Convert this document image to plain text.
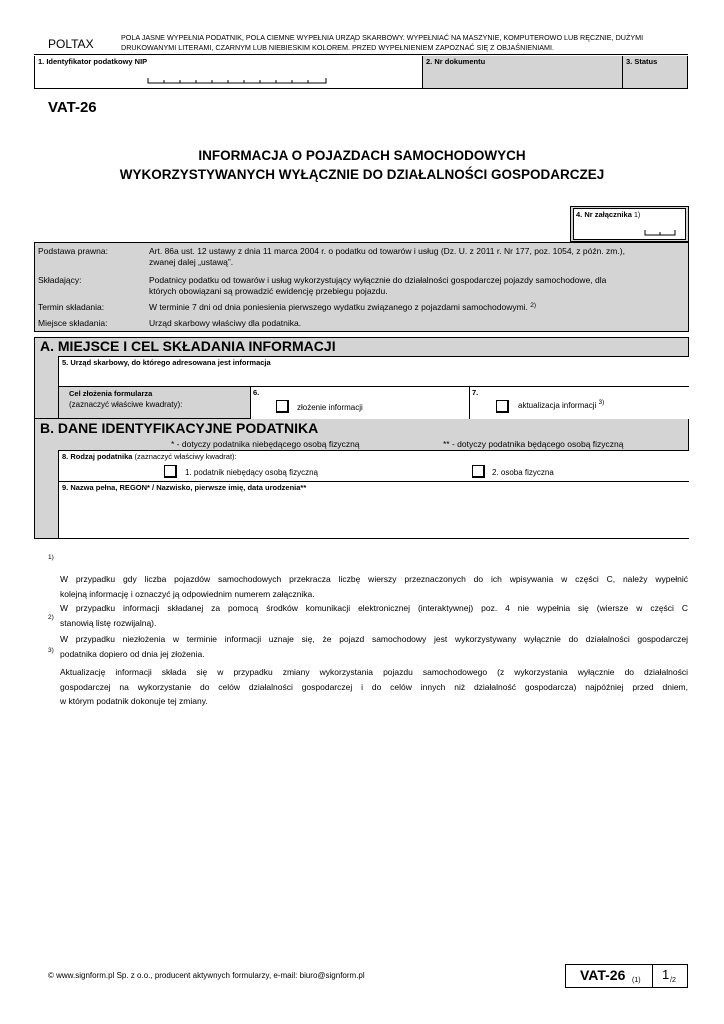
POLTAX	POLA JASNE WYPEŁNIA PODATNIK, POLA CIEMNE WYPEŁNIA URZĄD SKARBOWY. WYPEŁNIAĆ NA MASZYNIE, KOMPUTEROWO LUB RĘCZNIE, DUŻYMI
DRUKOWANYMI LITERAMI, CZARNYM LUB NIEBIESKIM KOLOREM. PRZED WYPEŁNIENIEM ZAPOZNAĆ SIĘ Z OBJAŚNIENIAMI.
1. Identyfikator podatkowy NIP	2. Nr dokumentu	3. Status
VAT-26
INFORMACJA O POJAZDACH SAMOCHODOWYCH
WYKORZYSTYWANYCH WYŁĄCZNIE DO DZIAŁALNOŚCI GOSPODARCZEJ
4. Nr załącznika 1)
Podstawa prawna:	Art. 86a ust. 12 ustawy z dnia 11 marca 2004 r. o podatku od towarów i usług (Dz. U. z 2011 r. Nr 177, poz. 1054, z późn. zm.),
zwanej dalej „ustawą”.
Składający:	Podatnicy podatku od towarów i usług wykorzystujący wyłącznie do działalności gospodarczej pojazdy samochodowe, dla
których obowiązani są prowadzić ewidencję przebiegu pojazdu.
Termin składania:	W terminie 7 dni od dnia poniesienia pierwszego wydatku związanego z pojazdami samochodowymi. $^{2)}$
Miejsce składania:	Urząd skarbowy właściwy dla podatnika.
A. MIEJSCE I CEL SKŁADANIA INFORMACJI
5. Urząd skarbowy, do którego adresowana jest informacja
Cel złożenia formularza
(zaznaczyć właściwe kwadraty):
6.
złożenie informacji
7.
aktualizacja informacji $^{3)}$
B. DANE IDENTYFIKACYJNE PODATNIKA
* - dotyczy podatnika niebędącego osobą fizyczną	** - dotyczy podatnika będącego osobą fizyczną
8. Rodzaj podatnika (zaznaczyć właściwy kwadrat):
1. podatnik niebędący osobą fizyczną	2. osoba fizyczna
9. Nazwa pełna, REGON* / Nazwisko, pierwsze imię, data urodzenia**
$^{1)}$
W przypadku gdy liczba pojazdów samochodowych przekracza liczbę wierszy przeznaczonych do ich wpisywania w części C, należy wypełnić
kolejną informację i oznaczyć ją odpowiednim numerem załącznika.
W przypadku informacji składanej za pomocą środków komunikacji elektronicznej (interaktywnej) poz. 4 nie wypełnia się (wiersze w części C
stanowią listę rozwijalną).
$^{2)}$
W przypadku niezłożenia w terminie informacji uznaje się, że pojazd samochodowy jest wykorzystywany wyłącznie do działalności gospodarczej
podatnika dopiero od dnia jej złożenia.
$^{3)}$
Aktualizację informacji składa się w przypadku zmiany wykorzystania pojazdu samochodowego (z wykorzystania wyłącznie do działalności
gospodarczej na wykorzystanie do celów działalności gospodarczej i do celów innych niż działalność gospodarcza) najpóźniej przed dniem,
w którym podatnik dokonuje tej zmiany.
© www.signform.pl Sp. z o.o., producent aktywnych formularzy, e-mail: biuro@signform.pl	VAT-26 (1) 1 /2
